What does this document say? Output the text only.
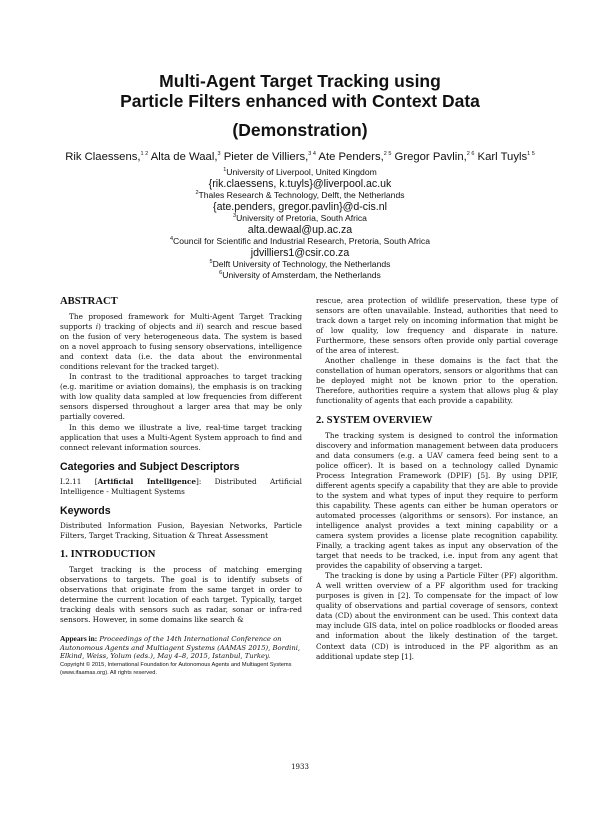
Multi-Agent Target Tracking using
Particle Filters enhanced with Context Data
(Demonstration)
Rik Claessens,$^{1 2}$ Alta de Waal,$^3$ Pieter de Villiers,$^{3 4}$ Ate Penders,$^{2 5}$ Gregor Pavlin,$^{2 6}$ Karl Tuyls$^{1 5}$
$^1$University of Liverpool, United Kingdom
{rik.claessens, k.tuyls}@liverpool.ac.uk
$^2$Thales Research & Technology, Delft, the Netherlands
{ate.penders, gregor.pavlin}@d-cis.nl
$^3$University of Pretoria, South Africa
alta.dewaal@up.ac.za
$^4$Council for Scientific and Industrial Research, Pretoria, South Africa
jdvilliers1@csir.co.za
$^5$Delft University of Technology, the Netherlands
$^6$University of Amsterdam, the Netherlands
ABSTRACT

The proposed framework for Multi-Agent Target Tracking supports i) tracking of objects and ii) search and rescue based on the fusion of very heterogeneous data. The system is based on a novel approach to fusing sensory observations, intelligence and context data (i.e. the data about the environmental conditions relevant for the tracked target).

In contrast to the traditional approaches to target tracking (e.g. maritime or aviation domains), the emphasis is on tracking with low quality data sampled at low frequencies from different sensors dispersed throughout a larger area that may be only partially covered.

In this demo we illustrate a live, real-time target tracking application that uses a Multi-Agent System approach to find and connect relevant information sources.

Categories and Subject Descriptors

I.2.11 [Artificial Intelligence]: Distributed Artificial Intelligence - Multiagent Systems

Keywords

Distributed Information Fusion, Bayesian Networks, Particle Filters, Target Tracking, Situation & Threat Assessment

1. INTRODUCTION

Target tracking is the process of matching emerging observations to targets. The goal is to identify subsets of observations that originate from the same target in order to determine the current location of each target. Typically, target tracking deals with sensors such as radar, sonar or infra-red sensors. However, in some domains like search &

Appears in: Proceedings of the 14th International Conference on Autonomous Agents and Multiagent Systems (AAMAS 2015), Bordini, Elkind, Weiss, Yolum (eds.), May 4–8, 2015, Istanbul, Turkey.
Copyright © 2015, International Foundation for Autonomous Agents and Multiagent Systems (www.ifaamas.org). All rights reserved.

rescue, area protection of wildlife preservation, these type of sensors are often unavailable. Instead, authorities that need to track down a target rely on incoming information that might be of low quality, low frequency and disparate in nature. Furthermore, these sensors often provide only partial coverage of the area of interest.

Another challenge in these domains is the fact that the constellation of human operators, sensors or algorithms that can be deployed might not be known prior to the operation. Therefore, authorities require a system that allows plug & play functionality of agents that each provide a capability.

2. SYSTEM OVERVIEW

The tracking system is designed to control the information discovery and information management between data producers and data consumers (e.g. a UAV camera feed being sent to a police officer). It is based on a technology called Dynamic Process Integration Framework (DPIF) [5]. By using DPIF, different agents specify a capability that they are able to provide to the system and what types of input they require to perform this capability. These agents can either be human operators or automated processes (algorithms or sensors). For instance, an intelligence analyst provides a text mining capability or a camera system provides a license plate recognition capability. Finally, a tracking agent takes as input any observation of the target that needs to be tracked, i.e. input from any agent that provides the capability of observing a target.

The tracking is done by using a Particle Filter (PF) algorithm. A well written overview of a PF algorithm used for tracking purposes is given in [2]. To compensate for the impact of low quality of observations and partial coverage of sensors, context data (CD) about the environment can be used. This context data may include GIS data, intel on police roadblocks or flooded areas and information about the likely destination of the target. Context data (CD) is introduced in the PF algorithm as an additional update step [1].

1933
